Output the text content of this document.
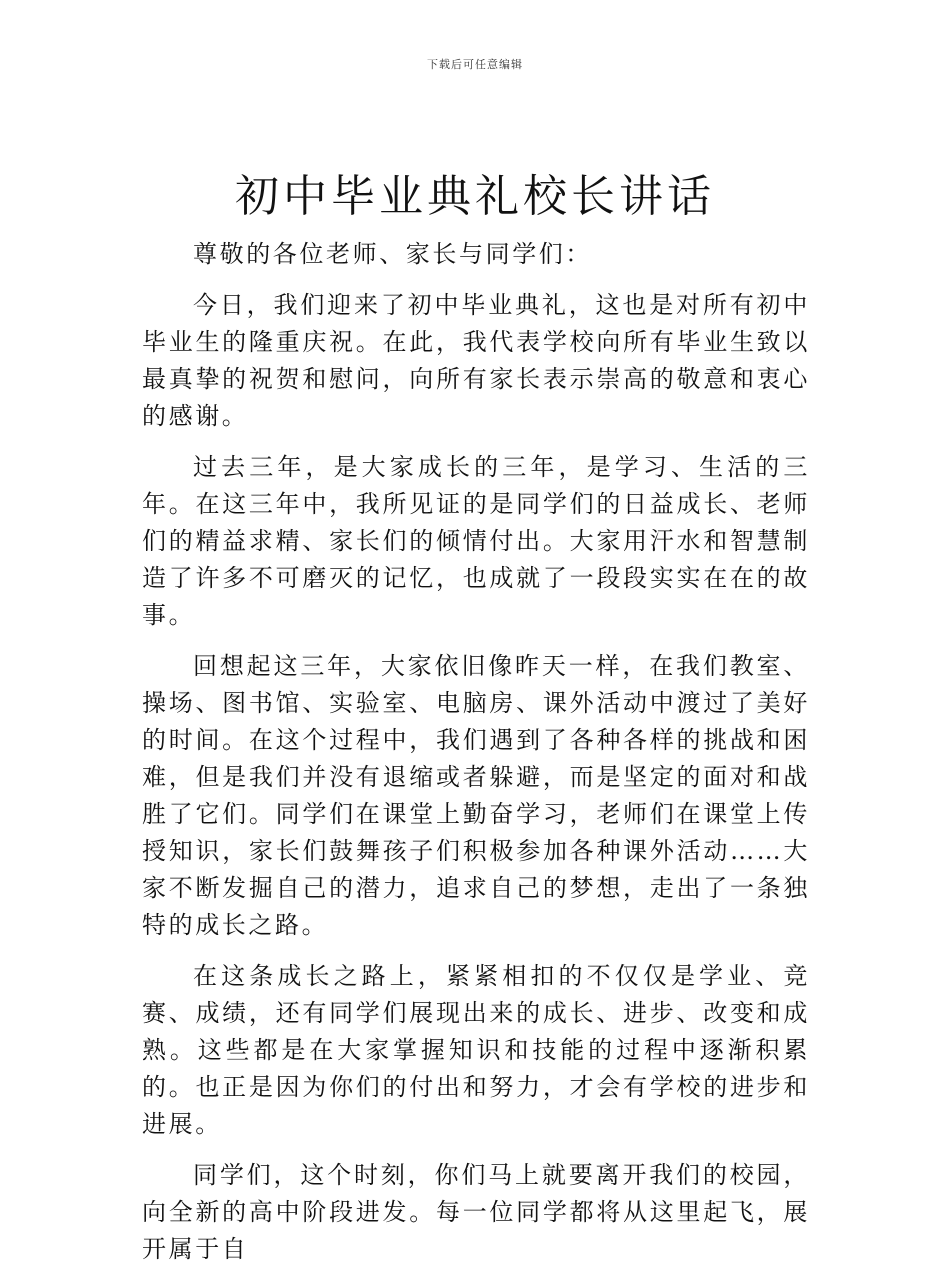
下载后可任意编辑
初中毕业典礼校长讲话

尊敬的各位老师、家长与同学们：

今日，我们迎来了初中毕业典礼，这也是对所有初中毕业生的隆重庆祝。在此，我代表学校向所有毕业生致以最真挚的祝贺和慰问，向所有家长表示崇高的敬意和衷心的感谢。

过去三年，是大家成长的三年，是学习、生活的三年。在这三年中，我所见证的是同学们的日益成长、老师们的精益求精、家长们的倾情付出。大家用汗水和智慧制造了许多不可磨灭的记忆，也成就了一段段实实在在的故事。

回想起这三年，大家依旧像昨天一样，在我们教室、操场、图书馆、实验室、电脑房、课外活动中渡过了美好的时间。在这个过程中，我们遇到了各种各样的挑战和困难，但是我们并没有退缩或者躲避，而是坚定的面对和战胜了它们。同学们在课堂上勤奋学习，老师们在课堂上传授知识，家长们鼓舞孩子们积极参加各种课外活动……大家不断发掘自己的潜力，追求自己的梦想，走出了一条独特的成长之路。

在这条成长之路上，紧紧相扣的不仅仅是学业、竞赛、成绩，还有同学们展现出来的成长、进步、改变和成熟。这些都是在大家掌握知识和技能的过程中逐渐积累的。也正是因为你们的付出和努力，才会有学校的进步和进展。

同学们，这个时刻，你们马上就要离开我们的校园，向全新的高中阶段进发。每一位同学都将从这里起飞，展开属于自
